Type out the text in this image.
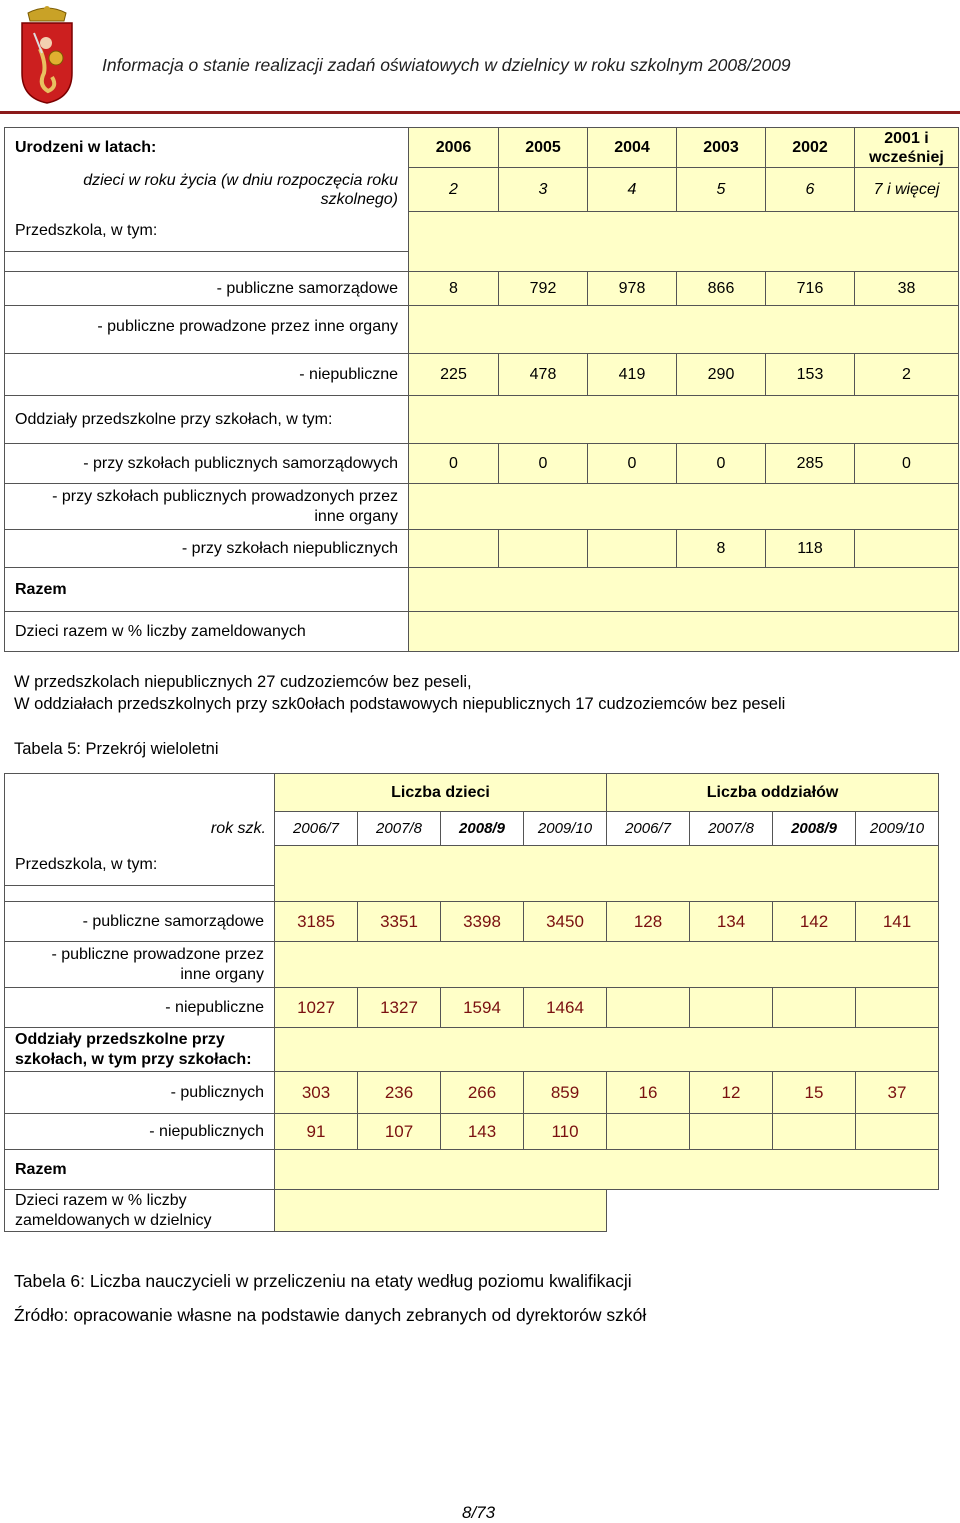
Informacja o stanie realizacji zadań oświatowych w dzielnicy w roku szkolnym 2008/2009
Urodzeni w latach:	2006	2005	2004	2003	2002	2001 i wcześniej
dzieci w roku życia (w dniu rozpoczęcia roku szkolnego)	2	3	4	5	6	7 i więcej
Przedszkola, w tym:						

- publiczne samorządowe	8	792	978	866	716	38
- publiczne prowadzone przez inne organy						
- niepubliczne	225	478	419	290	153	2
Oddziały przedszkolne przy szkołach, w tym:						
- przy szkołach publicznych samorządowych	0	0	0	0	285	0
- przy szkołach publicznych prowadzonych przez inne organy						
- przy szkołach niepublicznych				8	118	
Razem						
Dzieci razem w % liczby zameldowanych						
W przedszkolach niepublicznych 27 cudzoziemców bez peseli,
W oddziałach przedszkolnych przy szk0ołach podstawowych niepublicznych 17 cudzoziemców bez peseli
Tabela 5: Przekrój wieloletni
	Liczba dzieci				Liczba oddziałów			
rok szk.	2006/7	2007/8	2008/9	2009/10	2006/7	2007/8	2008/9	2009/10
Przedszkola, w tym:								

- publiczne samorządowe	3185	3351	3398	3450	128	134	142	141
- publiczne prowadzone przez inne organy								
- niepubliczne	1027	1327	1594	1464				
Oddziały przedszkolne przy szkołach, w tym przy szkołach:								
- publicznych	303	236	266	859	16	12	15	37
- niepublicznych	91	107	143	110				
Razem								
Dzieci razem w % liczby zameldowanych w dzielnicy								
Tabela 6: Liczba nauczycieli w przeliczeniu na etaty według poziomu kwalifikacji
Źródło: opracowanie własne na podstawie danych zebranych od dyrektorów szkół
8/73
